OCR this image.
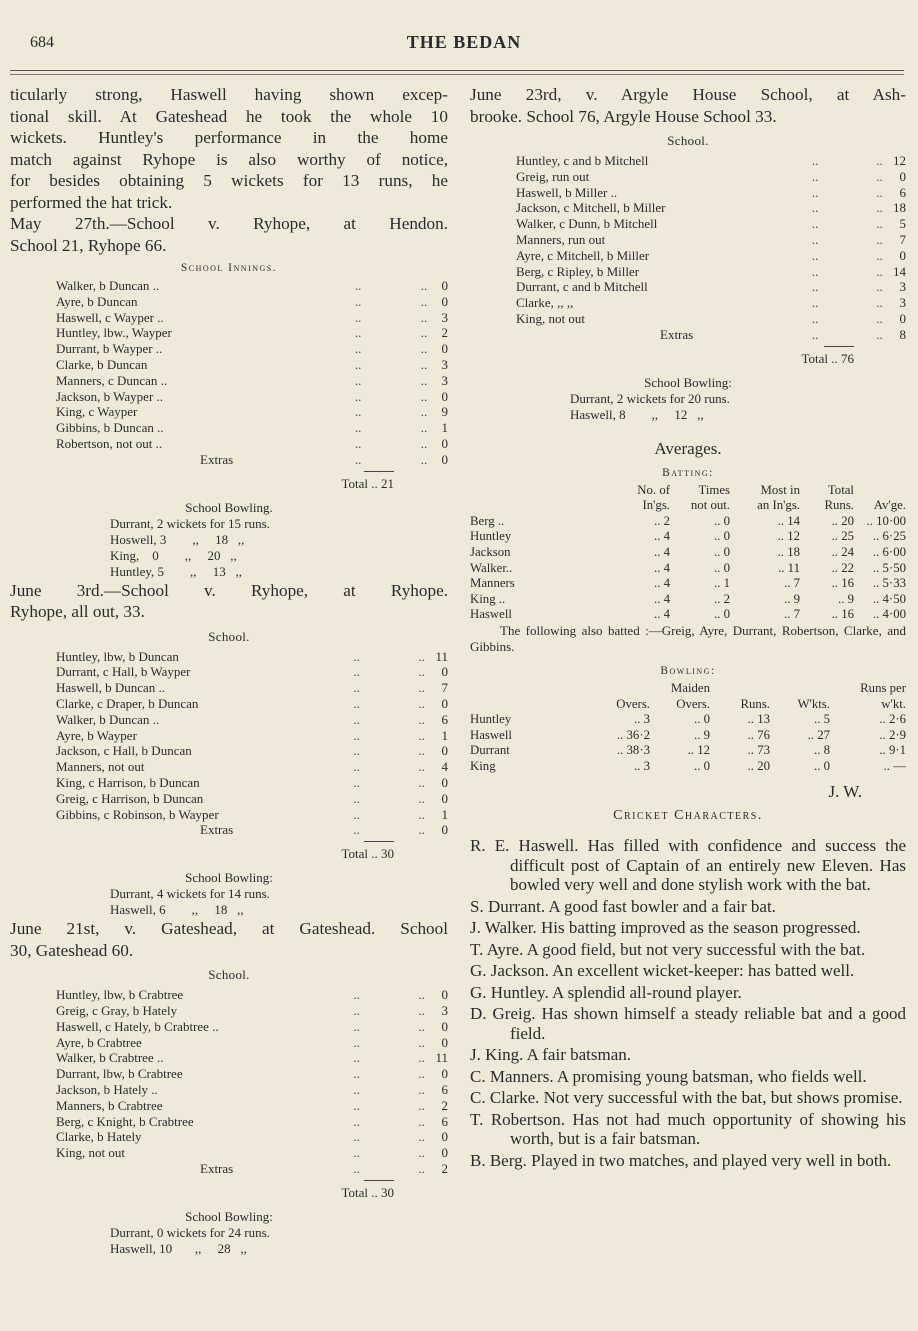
684	THE BEDAN

ticularly strong, Haswell having shown excep-
tional skill. At Gateshead he took the whole 10
wickets. Huntley's performance in the home
match against Ryhope is also worthy of notice,
for besides obtaining 5 wickets for 13 runs, he
performed the hat trick.

May 27th.—School v. Ryhope, at Hendon.
School 21, Ryhope 66.

School Innings.
Walker, b Duncan ..	..	..	0
Ayre, b Duncan	..	..	0
Haswell, c Wayper ..	..	..	3
Huntley, lbw., Wayper	..	..	2
Durrant, b Wayper ..	..	..	0
Clarke, b Duncan	..	..	3
Manners, c Duncan ..	..	..	3
Jackson, b Wayper ..	..	..	0
King, c Wayper	..	..	9
Gibbins, b Duncan ..	..	..	1
Robertson, not out ..	..	..	0
Extras	..	..	0
Total .. 21
School Bowling.
Durrant, 2 wickets for 15 runs.
Hoswell, 3        ,,     18   ,,
King,    0        ,,     20   ,,
Huntley, 5        ,,     13   ,,

June 3rd.—School v. Ryhope, at Ryhope.
Ryhope, all out, 33.

School.
Huntley, lbw, b Duncan	..	..	11
Durrant, c Hall, b Wayper	..	..	0
Haswell, b Duncan ..	..	..	7
Clarke, c Draper, b Duncan	..	..	0
Walker, b Duncan ..	..	..	6
Ayre, b Wayper	..	..	1
Jackson, c Hall, b Duncan	..	..	0
Manners, not out	..	..	4
King, c Harrison, b Duncan	..	..	0
Greig, c Harrison, b Duncan	..	..	0
Gibbins, c Robinson, b Wayper	..	..	1
Extras	..	..	0
Total .. 30
School Bowling:
Durrant, 4 wickets for 14 runs.
Haswell, 6        ,,     18   ,,

June 21st, v. Gateshead, at Gateshead. School
30, Gateshead 60.

School.
Huntley, lbw, b Crabtree	..	..	0
Greig, c Gray, b Hately	..	..	3
Haswell, c Hately, b Crabtree ..	..	..	0
Ayre, b Crabtree	..	..	0
Walker, b Crabtree ..	..	..	11
Durrant, lbw, b Crabtree	..	..	0
Jackson, b Hately ..	..	..	6
Manners, b Crabtree	..	..	2
Berg, c Knight, b Crabtree	..	..	6
Clarke, b Hately	..	..	0
King, not out	..	..	0
Extras	..	..	2
Total .. 30
School Bowling:
Durrant, 0 wickets for 24 runs.
Haswell, 10       ,,     28   ,,

June 23rd, v. Argyle House School, at Ash-
brooke. School 76, Argyle House School 33.

School.
Huntley, c and b Mitchell	..	..	12
Greig, run out	..	..	0
Haswell, b Miller ..	..	..	6
Jackson, c Mitchell, b Miller	..	..	18
Walker, c Dunn, b Mitchell	..	..	5
Manners, run out	..	..	7
Ayre, c Mitchell, b Miller	..	..	0
Berg, c Ripley, b Miller	..	..	14
Durrant, c and b Mitchell	..	..	3
Clarke, ,, ,,	..	..	3
King, not out	..	..	0
Extras	..	..	8
Total .. 76
School Bowling:
Durrant, 2 wickets for 20 runs.
Haswell, 8        ,,     12   ,,
Averages.
Batting:
	No. of	Times	Most in	Total	
	In'gs.	not out.	an In'gs.	Runs.	Av'ge.
Berg ..	.. 2	.. 0	.. 14	.. 20	.. 10·00
Huntley	.. 4	.. 0	.. 12	.. 25	.. 6·25
Jackson	.. 4	.. 0	.. 18	.. 24	.. 6·00
Walker..	.. 4	.. 0	.. 11	.. 22	.. 5·50
Manners	.. 4	.. 1	.. 7	.. 16	.. 5·33
King ..	.. 4	.. 2	.. 9	.. 9	.. 4·50
Haswell	.. 4	.. 0	.. 7	.. 16	.. 4·00
The following also batted :—Greig, Ayre, Durrant, Robertson, Clarke, and Gibbins.
Bowling:
		Maiden			Runs per
	Overs.	Overs.	Runs.	W'kts.	w'kt.
Huntley	.. 3	.. 0	.. 13	.. 5	.. 2·6
Haswell	.. 36·2	.. 9	.. 76	.. 27	.. 2·9
Durrant	.. 38·3	.. 12	.. 73	.. 8	.. 9·1
King	.. 3	.. 0	.. 20	.. 0	.. —
J. W.
Cricket Characters.

R. E. Haswell. Has filled with confidence and success the difficult post of Captain of an entirely new Eleven. Has bowled very well and done stylish work with the bat.

S. Durrant. A good fast bowler and a fair bat.

J. Walker. His batting improved as the season progressed.

T. Ayre. A good field, but not very successful with the bat.

G. Jackson. An excellent wicket-keeper: has batted well.

G. Huntley. A splendid all-round player.

D. Greig. Has shown himself a steady reliable bat and a good field.

J. King. A fair batsman.

C. Manners. A promising young batsman, who fields well.

C. Clarke. Not very successful with the bat, but shows promise.

T. Robertson. Has not had much opportunity of showing his worth, but is a fair batsman.

B. Berg. Played in two matches, and played very well in both.
